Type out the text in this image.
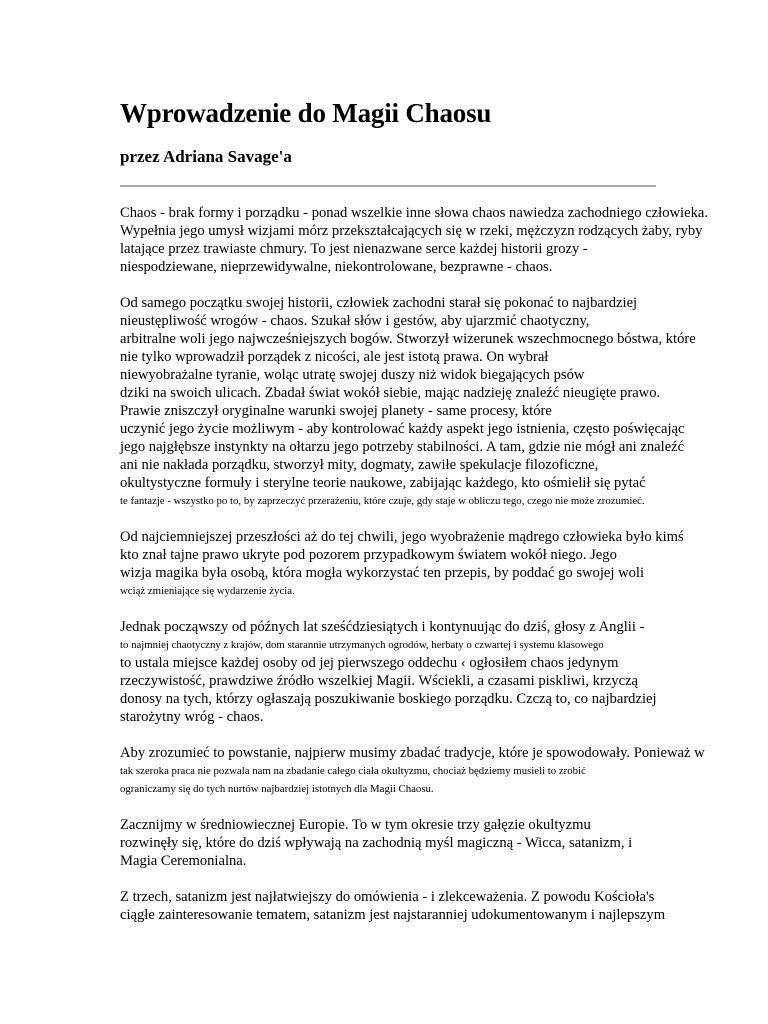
Wprowadzenie do Magii Chaosu
przez Adriana Savage'a
Chaos - brak formy i porządku - ponad wszelkie inne słowa chaos nawiedza zachodniego człowieka.
Wypełnia jego umysł wizjami mórz przekształcających się w rzeki, mężczyzn rodzących żaby, ryby
latające przez trawiaste chmury. To jest nienazwane serce każdej historii grozy -
niespodziewane, nieprzewidywalne, niekontrolowane, bezprawne - chaos.
Od samego początku swojej historii, człowiek zachodni starał się pokonać to najbardziej
nieustępliwość wrogów - chaos. Szukał słów i gestów, aby ujarzmić chaotyczny,
arbitralne woli jego najwcześniejszych bogów. Stworzył wizerunek wszechmocnego bóstwa, które
nie tylko wprowadził porządek z nicości, ale jest istotą prawa. On wybrał
niewyobrażalne tyranie, woląc utratę swojej duszy niż widok biegających psów
dziki na swoich ulicach. Zbadał świat wokół siebie, mając nadzieję znaleźć nieugięte prawo.
Prawie zniszczył oryginalne warunki swojej planety - same procesy, które
uczynić jego życie możliwym - aby kontrolować każdy aspekt jego istnienia, często poświęcając
jego najgłębsze instynkty na ołtarzu jego potrzeby stabilności. A tam, gdzie nie mógł ani znaleźć
ani nie nakłada porządku, stworzył mity, dogmaty, zawiłe spekulacje filozoficzne,
okultystyczne formuły i sterylne teorie naukowe, zabijając każdego, kto ośmielił się pytać
te fantazje - wszystko po to, by zaprzeczyć przerażeniu, które czuje, gdy staje w obliczu tego, czego nie może zrozumieć.
Od najciemniejszej przeszłości aż do tej chwili, jego wyobrażenie mądrego człowieka było kimś
kto znał tajne prawo ukryte pod pozorem przypadkowym światem wokół niego. Jego
wizja magika była osobą, która mogła wykorzystać ten przepis, by poddać go swojej woli
wciąż zmieniające się wydarzenie życia.
Jednak począwszy od późnych lat sześćdziesiątych i kontynuując do dziś, głosy z Anglii -
to najmniej chaotyczny z krajów, dom starannie utrzymanych ogrodów, herbaty o czwartej i systemu klasowego
to ustala miejsce każdej osoby od jej pierwszego oddechu ‹ ogłosiłem chaos jedynym
rzeczywistość, prawdziwe źródło wszelkiej Magii. Wściekli, a czasami piskliwi, krzyczą
donosy na tych, którzy ogłaszają poszukiwanie boskiego porządku. Czczą to, co najbardziej
starożytny wróg - chaos.
Aby zrozumieć to powstanie, najpierw musimy zbadać tradycje, które je spowodowały. Ponieważ w
tak szeroka praca nie pozwala nam na zbadanie całego ciała okultyzmu, chociaż będziemy musieli to zrobić
ograniczamy się do tych nurtów najbardziej istotnych dla Magii Chaosu.
Zacznijmy w średniowiecznej Europie. To w tym okresie trzy gałęzie okultyzmu
rozwinęły się, które do dziś wpływają na zachodnią myśl magiczną - Wicca, satanizm, i
Magia Ceremonialna.
Z trzech, satanizm jest najłatwiejszy do omówienia - i zlekceważenia. Z powodu Kościoła's
ciągłe zainteresowanie tematem, satanizm jest najstaranniej udokumentowanym i najlepszym
